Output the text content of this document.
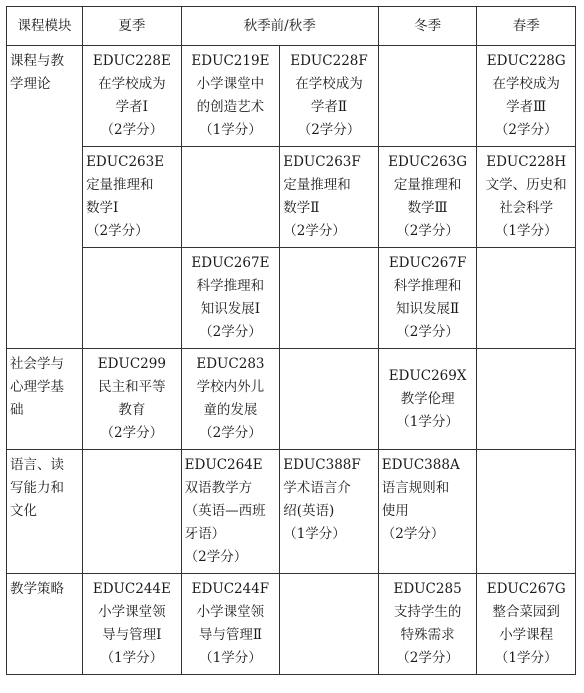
课程模块	夏季	秋季前/秋季		冬季	春季

课程与教学理论	EDUC228E
在学校成为
学者Ⅰ
（2学分）	EDUC219E
小学课堂中
的创造艺术
（1学分）	EDUC228F
在学校成为
学者Ⅱ
（2学分）		EDUC228G
在学校成为
学者Ⅲ
（2学分）

	EDUC263E
定量推理和
数学Ⅰ
（2学分）		EDUC263F
定量推理和
数学Ⅱ
（2学分）	EDUC263G
定量推理和
数学Ⅲ
（2学分）	EDUC228H
文学、历史和
社会科学
（1学分）

		EDUC267E
科学推理和
知识发展Ⅰ
（2学分）		EDUC267F
科学推理和
知识发展Ⅱ
（2学分）	

社会学与心理学基础	EDUC299
民主和平等
教育
（2学分）	EDUC283
学校内外儿
童的发展
（2学分）		EDUC269X
教学伦理
（1学分）	

语言、读写能力和文化		EDUC264E
双语教学方
（英语—西班
牙语）
（2学分）	EDUC388F
学术语言介
绍(英语)
（1学分）	EDUC388A
语言规则和
使用
（2学分）	

教学策略	EDUC244E
小学课堂领
导与管理Ⅰ
（1学分）	EDUC244F
小学课堂领
导与管理Ⅱ
（1学分）		EDUC285
支持学生的
特殊需求
（2学分）	EDUC267G
整合菜园到
小学课程
（1学分）
